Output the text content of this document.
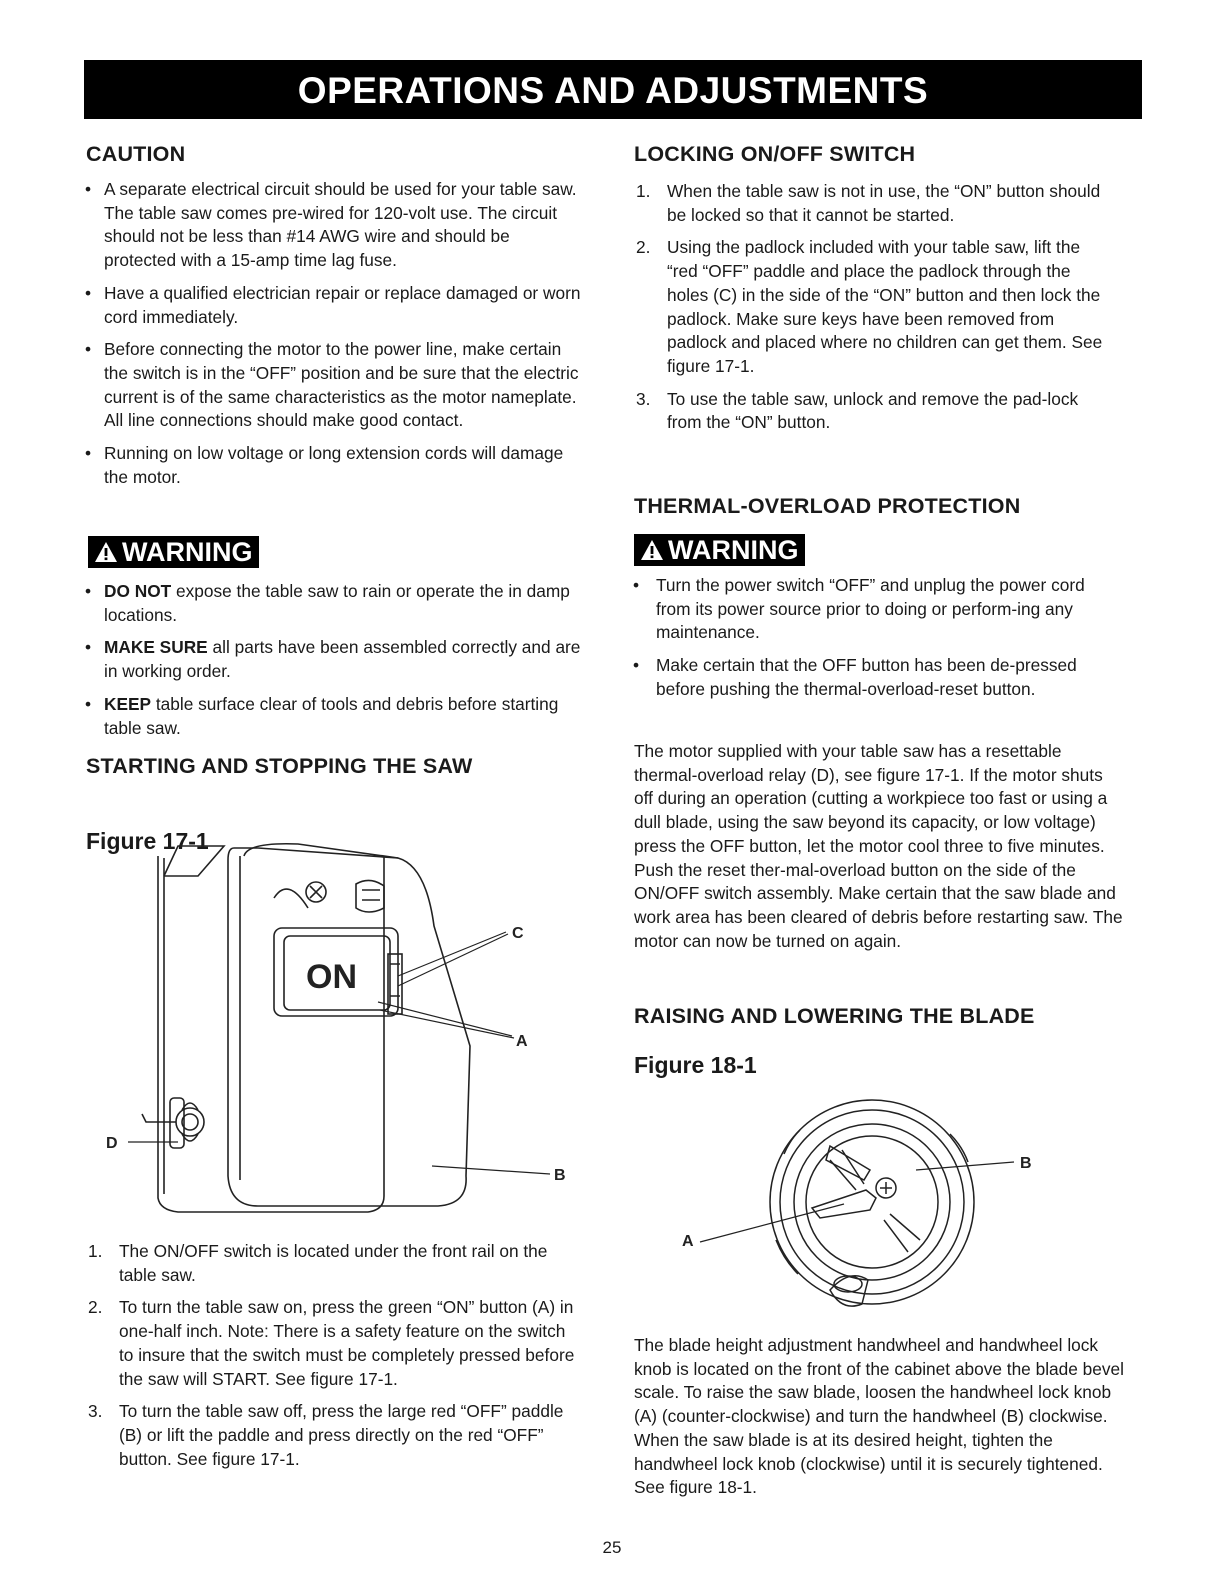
OPERATIONS AND ADJUSTMENTS
CAUTION
• A separate electrical circuit should be used for your table saw. The table saw comes pre-wired for 120-volt use. The circuit should not be less than #14 AWG wire and should be protected with a 15-amp time lag fuse.
• Have a qualified electrician repair or replace damaged or worn cord immediately.
• Before connecting the motor to the power line, make certain the switch is in the “OFF” position and be sure that the electric current is of the same characteristics as the motor nameplate. All line connections should make good contact.
• Running on low voltage or long extension cords will damage the motor.
WARNING
• DO NOT expose the table saw to rain or operate the in damp locations.
• MAKE SURE all parts have been assembled correctly and are in working order.
• KEEP table surface clear of tools and debris before starting table saw.
STARTING AND STOPPING THE SAW
Figure 17-1
ON
C
A
D
B
1. The ON/OFF switch is located under the front rail on the table saw.
2. To turn the table saw on, press the green “ON” button (A) in one-half inch. Note: There is a safety feature on the switch to insure that the switch must be completely pressed before the saw will START. See figure 17-1.
3. To turn the table saw off, press the large red “OFF” paddle (B) or lift the paddle and press directly on the red “OFF” button. See figure 17-1.
LOCKING ON/OFF SWITCH
1. When the table saw is not in use, the “ON” button should be locked so that it cannot be started.
2. Using the padlock included with your table saw, lift the “red “OFF” paddle and place the padlock through the holes (C) in the side of the “ON” button and then lock the padlock. Make sure keys have been removed from padlock and placed where no children can get them. See figure 17-1.
3. To use the table saw, unlock and remove the pad-lock from the “ON” button.
THERMAL-OVERLOAD PROTECTION
WARNING
• Turn the power switch “OFF” and unplug the power cord from its power source prior to doing or perform-ing any maintenance.
• Make certain that the OFF button has been de-pressed before pushing the thermal-overload-reset button.

The motor supplied with your table saw has a resettable thermal-overload relay (D), see figure 17-1. If the motor shuts off during an operation (cutting a workpiece too fast or using a dull blade, using the saw beyond its capacity, or low voltage) press the OFF button, let the motor cool three to five minutes. Push the reset ther-mal-overload button on the side of the ON/OFF switch assembly. Make certain that the saw blade and work area has been cleared of debris before restarting saw. The motor can now be turned on again.

RAISING AND LOWERING THE BLADE
Figure 18-1
B
A

The blade height adjustment handwheel and handwheel lock knob is located on the front of the cabinet above the blade bevel scale. To raise the saw blade, loosen the handwheel lock knob (A) (counter-clockwise) and turn the handwheel (B) clockwise. When the saw blade is at its desired height, tighten the handwheel lock knob (clockwise) until it is securely tightened. See figure 18-1.

25
